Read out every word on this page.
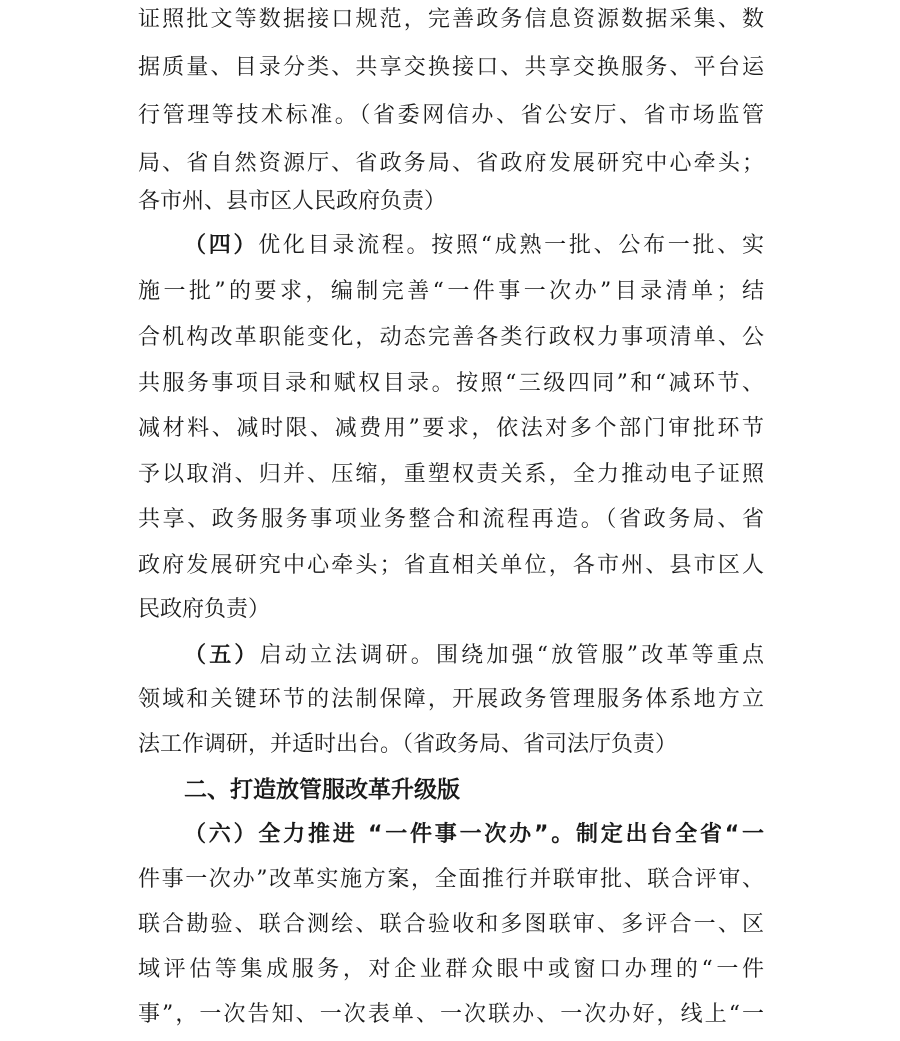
证照批文等数据接口规范，完善政务信息资源数据采集、数
据质量、目录分类、共享交换接口、共享交换服务、平台运
行管理等技术标准。（省委网信办、省公安厅、省市场监管
局、省自然资源厅、省政务局、省政府发展研究中心牵头；
各市州、县市区人民政府负责）
（四）优化目录流程。按照“成熟一批、公布一批、实
施一批”的要求，编制完善“一件事一次办”目录清单；结
合机构改革职能变化，动态完善各类行政权力事项清单、公
共服务事项目录和赋权目录。按照“三级四同”和“减环节、
减材料、减时限、减费用”要求，依法对多个部门审批环节
予以取消、归并、压缩，重塑权责关系，全力推动电子证照
共享、政务服务事项业务整合和流程再造。（省政务局、省
政府发展研究中心牵头；省直相关单位，各市州、县市区人
民政府负责）
（五）启动立法调研。围绕加强“放管服”改革等重点
领域和关键环节的法制保障，开展政务管理服务体系地方立
法工作调研，并适时出台。（省政务局、省司法厅负责）
二、打造放管服改革升级版
（六）全力推进 “一件事一次办”。制定出台全省“一
件事一次办”改革实施方案，全面推行并联审批、联合评审、
联合勘验、联合测绘、联合验收和多图联审、多评合一、区
域评估等集成服务，对企业群众眼中或窗口办理的“一件
事”，一次告知、一次表单、一次联办、一次办好，线上“一
